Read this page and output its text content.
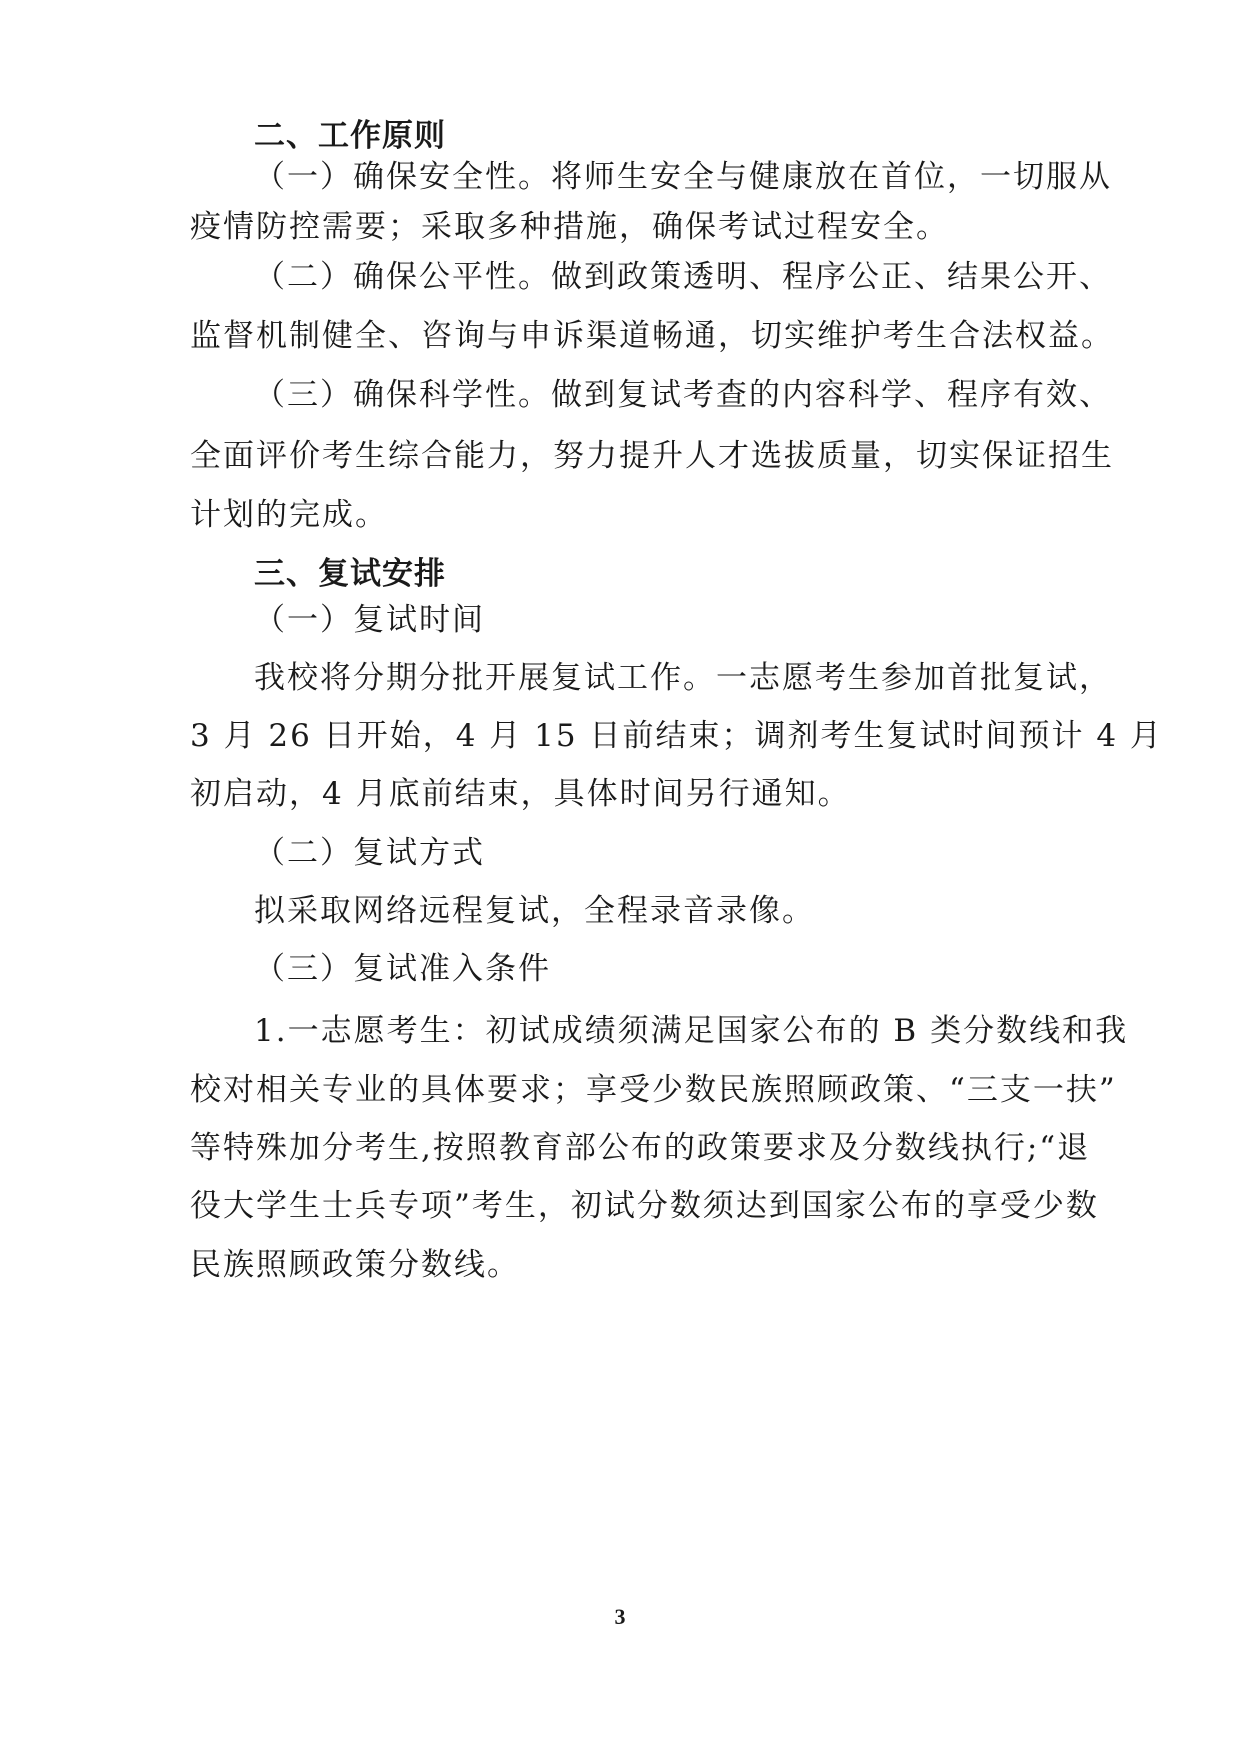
二、工作原则
（一）确保安全性。将师生安全与健康放在首位，一切服从
疫情防控需要；采取多种措施，确保考试过程安全。
（二）确保公平性。做到政策透明、程序公正、结果公开、
监督机制健全、咨询与申诉渠道畅通，切实维护考生合法权益。
（三）确保科学性。做到复试考查的内容科学、程序有效、
全面评价考生综合能力，努力提升人才选拔质量，切实保证招生
计划的完成。
三、复试安排
（一）复试时间
我校将分期分批开展复试工作。一志愿考生参加首批复试，
3 月 26 日开始，4 月 15 日前结束；调剂考生复试时间预计 4 月
初启动，4 月底前结束，具体时间另行通知。
（二）复试方式
拟采取网络远程复试，全程录音录像。
（三）复试准入条件
1.一志愿考生：初试成绩须满足国家公布的 B 类分数线和我
校对相关专业的具体要求；享受少数民族照顾政策、“三支一扶”
等特殊加分考生,按照教育部公布的政策要求及分数线执行;“退
役大学生士兵专项”考生，初试分数须达到国家公布的享受少数
民族照顾政策分数线。
3
